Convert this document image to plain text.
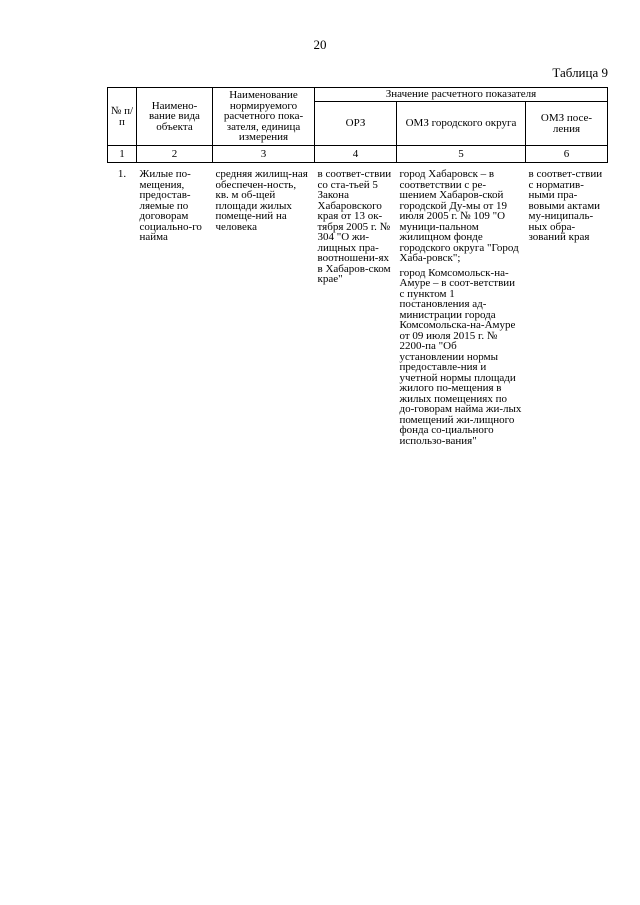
20
Таблица 9
№ п/п	Наимено-вание вида объекта	Наименование нормируемого расчетного пока-зателя, единица измерения	Значение расчетного показателя		
			ОРЗ	ОМЗ городского округа	ОМЗ посе-ления
1	2	3	4	5	6
1.	Жилые по-мещения, предостав-ляемые по договорам социально-го найма	средняя жилищ-ная обеспечен-ность, кв. м об-щей площади жилых помеще-ний на человека	в соответ-ствии со ста-тьей 5 Закона Хабаровского края от 13 ок-тября 2005 г. № 304 "О жи-лищных пра-воотношени-ях в Хабаров-ском крае"	город Хабаровск – в соответствии с ре-шением Хабаров-ской городской Ду-мы от 19 июля 2005 г. № 109 "О муници-пальном жилищном фонде городского округа "Город Хаба-ровск";
город Комсомольск-на-Амуре – в соот-ветствии с пунктом 1 постановления ад-министрации города Комсомольска-на-Амуре от 09 июля 2015 г. № 2200-па "Об установлении нормы предоставле-ния и учетной нормы площади жилого по-мещения в жилых помещениях по до-говорам найма жи-лых помещений жи-лищного фонда со-циального использо-вания"	в соответ-ствии с норматив-ными пра-вовыми актами му-ниципаль-ных обра-зований края
